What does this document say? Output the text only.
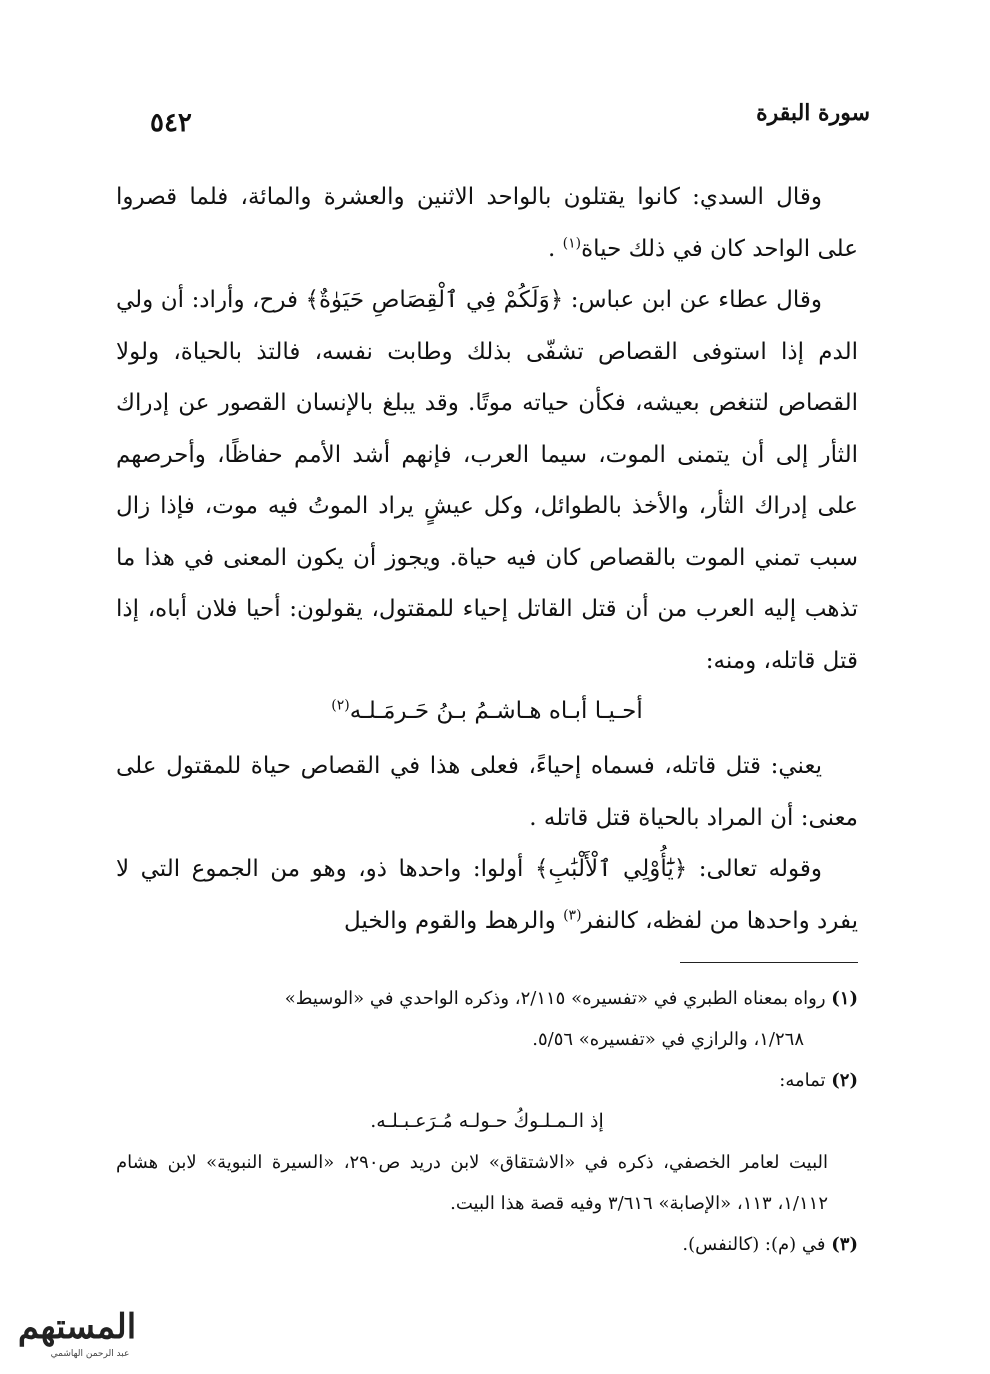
سورة البقرة
٥٤٢

وقال السدي: كانوا يقتلون بالواحد الاثنين والعشرة والمائة، فلما قصروا على الواحد كان في ذلك حياة$^{(١)}$ .

وقال عطاء عن ابن عباس: ﴿وَلَكُمْ فِي ٱلْقِصَاصِ حَيَوٰةٌ﴾ فرح، وأراد: أن ولي الدم إذا استوفى القصاص تشفّى بذلك وطابت نفسه، فالتذ بالحياة، ولولا القصاص لتنغص بعيشه، فكأن حياته موتًا. وقد يبلغ بالإنسان القصور عن إدراك الثأر إلى أن يتمنى الموت، سيما العرب، فإنهم أشد الأمم حفاظًا، وأحرصهم على إدراك الثأر، والأخذ بالطوائل، وكل عيشٍ يراد الموتُ فيه موت، فإذا زال سبب تمني الموت بالقصاص كان فيه حياة. ويجوز أن يكون المعنى في هذا ما تذهب إليه العرب من أن قتل القاتل إحياء للمقتول، يقولون: أحيا فلان أباه، إذا قتل قاتله، ومنه:

أحـيـا أبـاه هـاشـمُ بـنُ حَـرمَـلـه$^{(٢)}$

يعني: قتل قاتله، فسماه إحياءً، فعلى هذا في القصاص حياة للمقتول على معنى: أن المراد بالحياة قتل قاتله .

وقوله تعالى: ﴿يَٰٓأُوْلِي ٱلْأَلْبَٰبِ﴾ أولوا: واحدها ذو، وهو من الجموع التي لا يفرد واحدها من لفظه، كالنفر$^{(٣)}$ والرهط والقوم والخيل

(١) رواه بمعناه الطبري في «تفسيره» ٢/١١٥، وذكره الواحدي في «الوسيط»

١/٢٦٨، والرازي في «تفسيره» ٥/٥٦.

(٢) تمامه:

إذ الـمـلـوكُ حـولـه مُـرَعـبـلـه.

البيت لعامر الخصفي، ذكره في «الاشتقاق» لابن دريد ص٢٩٠، «السيرة النبوية» لابن هشام ١/١١٢، ١١٣، «الإصابة» ٣/٦١٦ وفيه قصة هذا البيت.

(٣) في (م): (كالنفس).

المستهم
عبد الرحمن الهاشمي
